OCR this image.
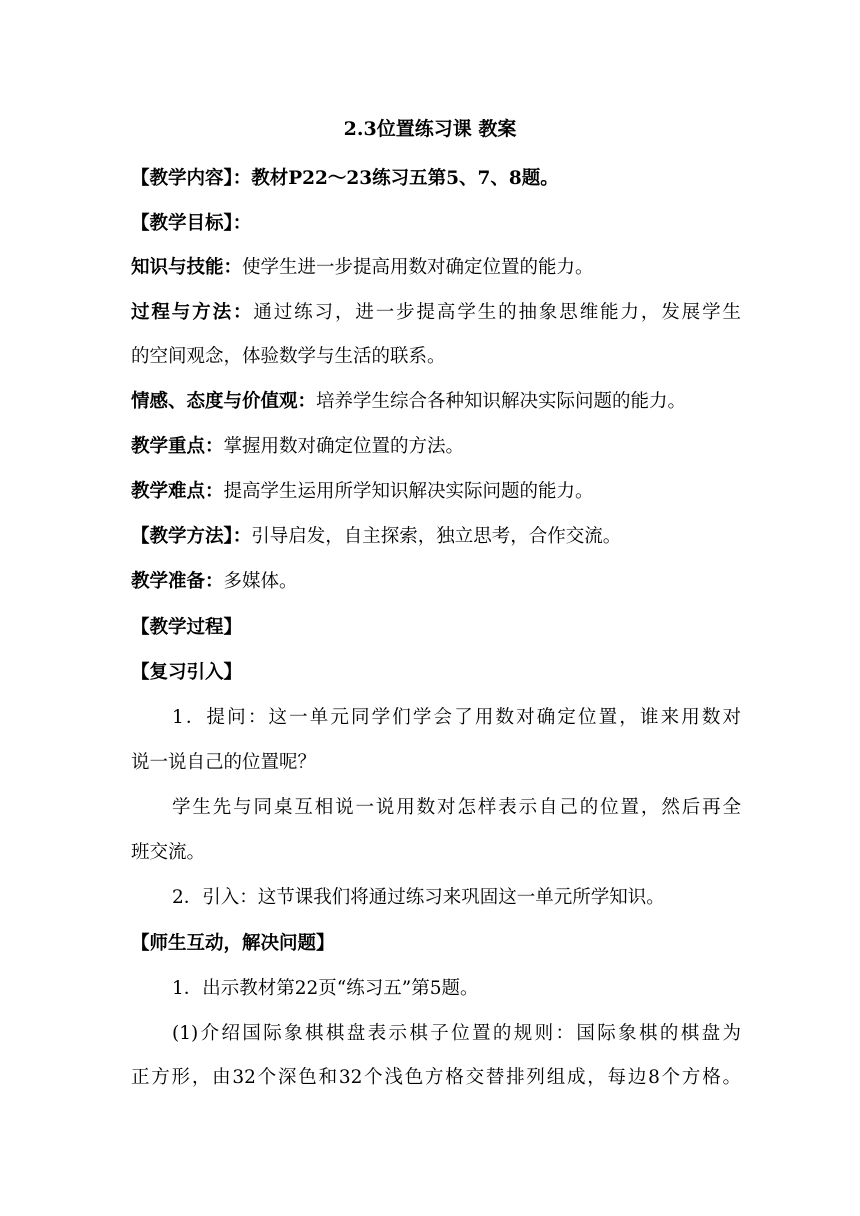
2.3位置练习课 教案
【教学内容】：教材P22～23练习五第5、7、8题。
【教学目标】：
知识与技能：使学生进一步提高用数对确定位置的能力。
过程与方法：通过练习，进一步提高学生的抽象思维能力，发展学生
的空间观念，体验数学与生活的联系。
情感、态度与价值观：培养学生综合各种知识解决实际问题的能力。
教学重点：掌握用数对确定位置的方法。
教学难点：提高学生运用所学知识解决实际问题的能力。
【教学方法】：引导启发，自主探索，独立思考，合作交流。
教学准备：多媒体。
【教学过程】
【复习引入】
1．提问：这一单元同学们学会了用数对确定位置，谁来用数对
说一说自己的位置呢？
学生先与同桌互相说一说用数对怎样表示自己的位置，然后再全
班交流。
2．引入：这节课我们将通过练习来巩固这一单元所学知识。
【师生互动，解决问题】
1．出示教材第22页“练习五”第5题。
(1)介绍国际象棋棋盘表示棋子位置的规则：国际象棋的棋盘为
正方形，由32个深色和32个浅色方格交替排列组成，每边8个方格。
